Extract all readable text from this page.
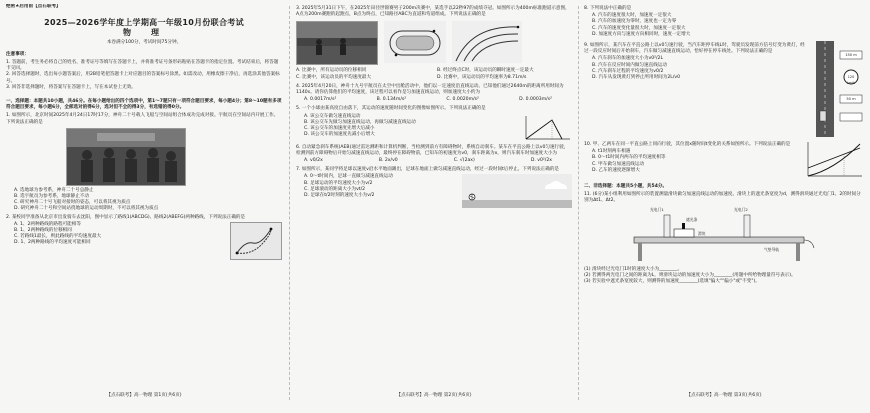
绝密★启用前【点石联考】
2025—2026学年度上学期高一年级10月份联合考试
物　理
本卷满分100分，考试时间75分钟。
注意事项：
1. 答题前，考生务必将自己的姓名、准考证号等填写在答题卡上，并将准考证号条形码粘贴在答题卡的指定位置。考试结束后，将答题卡交回。
2. 回答选择题时，选出每小题答案后，用2B铅笔把答题卡上对应题目的答案标号涂黑。如需改动，用橡皮擦干净后，再选涂其他答案标号。
3. 回答非选择题时，将答案写在答题卡上，写在本试卷上无效。
一、选择题：本题共10小题，共46分。在每小题给出的四个选项中，第1～7题只有一项符合题目要求，每小题4分；第8～10题有多项符合题目要求，每小题6分，全部选对的得6分，选对但不全的得3分，有选错的得0分。
1. 如图所示，北京时间2025年4月24日17时17分，神舟二十号载人飞船与空间站组合体成功完成对接。宇航员在空间站内开展工作。下列说法正确的是
A. 选地球为参考系，神舟二十号总静止
B. 选宇航员为参考系，地球静止不动
C. 研究神舟二十号飞船对接时的姿态，可以将其视为质点
D. 研究神舟二十号和空间站绕地球的运动周期时，不可以将其视为质点
2. 某校同学准备从北京市出发骑车去沈阳，图中显示了路线1(ABCDG)、路线2(ABEFG)两种路线，下列说法正确的是
A. 1、2两种路线的路程可能相等
B. 1、2两种路线的位移相同
C. 若路线1最长，则此路线的平均速度最大
D. 1、2两种路线的平均速度可能相同
【点石联考】高一物理 第1页(共6页)
3. 2025年5月31日下午，在2025年田径世锦赛男子200m决赛中，某选手以22秒97的成绩夺冠。如图所示为400m标准跑道示意图，A点为200m赛跑的起跑点，B点为终点，已知路径ABC为直道和弯道组成。下列说法正确的是
A. 比赛中，所有运动员的位移相同
C. 比赛中，该运动员的平均速度最大
B. 经过终点C时，该运动员的瞬时速度一定最大
D. 比赛中，该运动员的平均速率为8.71m/s
4. 2025年4月20日，神舟十九号宇航员在太空中出舱活动中，他们以一定速度沿直线运动。已知他们通过2640m的距离所用时间为1140s。请你估算他们的平均速度，该过程可以看作是匀加速直线运动，则加速度大小约为
A. 0.0017m/s²	B. 0.134m/s²	C. 0.0020m/s²	D. 0.0003m/s²
5. 一个小球由某高度自由落下，其运动的速度随时间变化的图像如图所示。下列说法正确的是
A. 该公交车做匀速直线运动
B. 该公交车先做匀加速直线运动，再做匀减速直线运动
C. 该公交车的加速度先增大后减小
D. 该公交车的加速度先减小后增大
6. 自动紧急刹车系统(AEB)通过雷达测距和计算机判断，当检测到前方有障碍物时，系统自动刹车。某车在平直公路上以v0匀速行驶，检测到前方障碍物后开始匀减速直线运动，最终停在障碍物前，已知车的初速度为v0，刹车距离为x，则汽车刹车时加速度大小为
A. v0/2x	B. 2x/v0	C. √(2ax)	D. v0²/2x
7. 如图所示，某同学将足球以速度v沿水平地面踢出，足球在地面上做匀减速直线运动，经过一段时间t后停止。下列说法正确的是
A. 0～t时间内，足球一直做匀减速直线运动
B. 足球运动的平均速度大小为v/2
C. 足球滚动的距离大小为vt/2
D. 足球在t/2时刻的速度大小为v/2
【点石联考】高一物理 第2页(共6页)
8. 下列说法中正确的是
A. 汽车的速度很大时，加速度一定很大
B. 汽车的加速度为零时，速度也一定为零
C. 汽车的速度变化量很大时，加速度一定很大
D. 加速度方向与速度方向相同时，速度一定增大
9. 如图所示，某汽车在平直公路上以v0匀速行驶，当汽车距停车线L时，驾驶员发现前方信号灯变为黄灯，经过一段反应时间后开始刹车，汽车做匀减速直线运动，恰好停在停车线处。下列说法正确的是
A. 汽车刹车的加速度大小为v0²/2L
B. 汽车在反应时间内做匀速直线运动
C. 汽车刹车过程的平均速度为v0/2
D. 汽车从发现黄灯到停止所用时间为2L/v0
150 m
120 km/h
50 m
10. 甲、乙两车在同一平直公路上同向行驶，其位置x随时间t变化的关系如图所示。下列说法正确的是
A. t1时刻两车相遇
B. 0～t1时间内两车的平均速度相等
C. 甲车做匀加速直线运动
D. 乙车的速度逐渐增大
二、非选择题：本题共5小题，共54分。
11. (6分)某小组利用如图所示的装置测量滑块做匀加速直线运动的加速度。滑块上的遮光条宽度为d，测得滑块通过光电门1、2的时间分别为Δt1、Δt2。
光电门1	光电门2
气垫导轨
遮光条
滑块
(1) 滑块经过光电门1时的速度大小为________。
(2) 若测得两光电门之间的距离为L，则滑块运动的加速度大小为________(用题中所给物理量符号表示)。
(3) 若实验中遮光条宽度较大，则测得的加速度________(选填"偏大""偏小"或"不变")。
【点石联考】高一物理 第3页(共6页)
